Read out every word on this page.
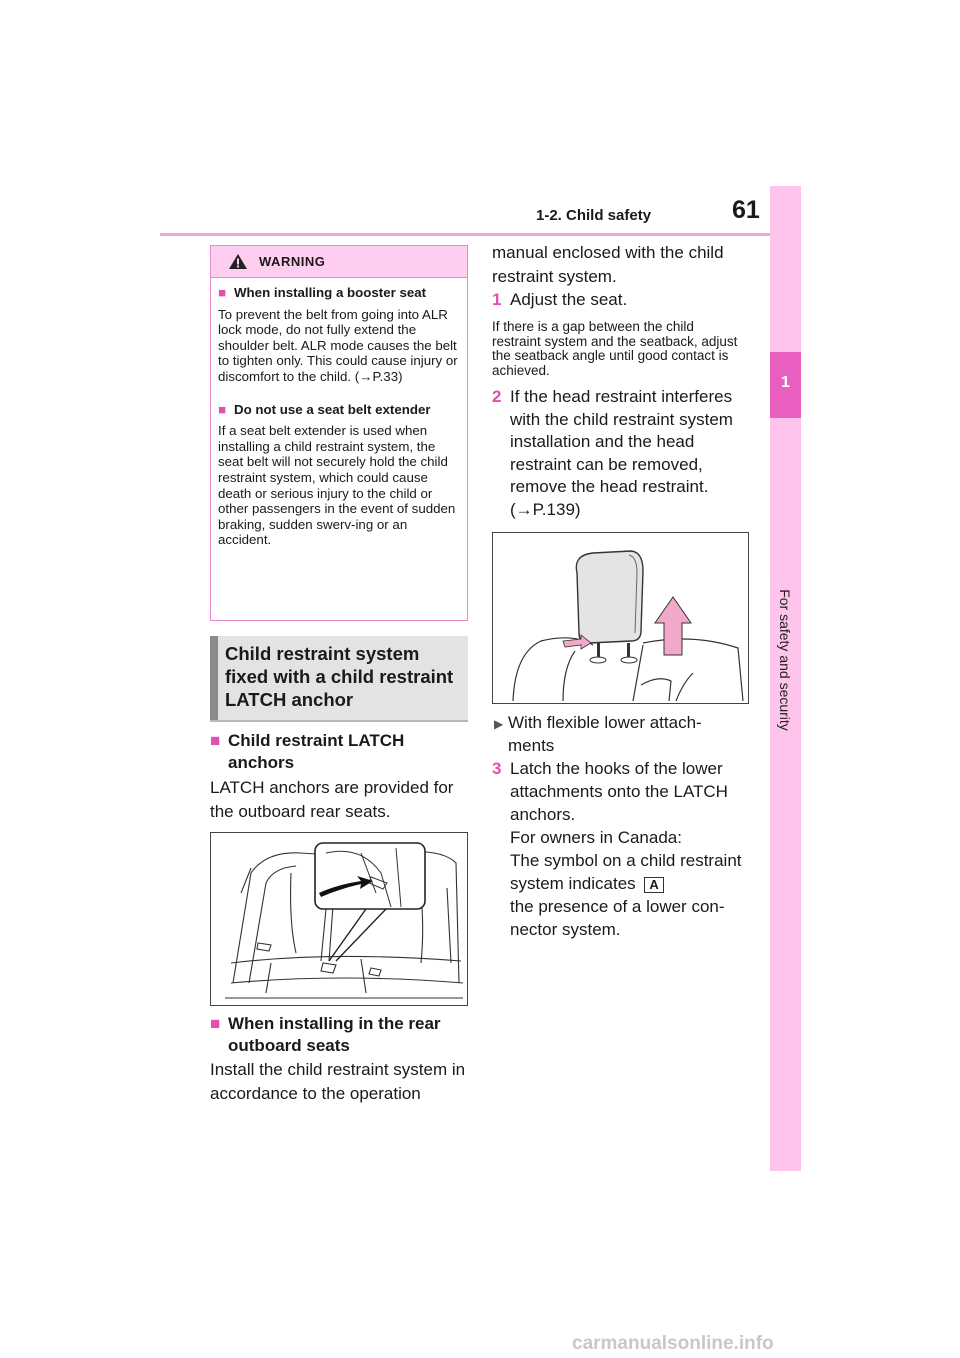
1-2. Child safety	61
1
For safety and security
WARNING
■ When installing a booster seat

To prevent the belt from going into ALR lock mode, do not fully extend the shoulder belt. ALR mode causes the belt to tighten only. This could cause injury or discomfort to the child. (→P.33)

■ Do not use a seat belt extender

If a seat belt extender is used when installing a child restraint system, the seat belt will not securely hold the child restraint system, which could cause death or serious injury to the child or other passengers in the event of sudden braking, sudden swerv-ing or an accident.

Child restraint system fixed with a child restraint LATCH anchor
■ Child restraint LATCH anchors
LATCH anchors are provided for the outboard rear seats.
■ When installing in the rear outboard seats
Install the child restraint system in accordance to the operation
manual enclosed with the child restraint system.
1 Adjust the seat.
If there is a gap between the child restraint system and the seatback, adjust the seatback angle until good contact is achieved.
2 If the head restraint interferes with the child restraint system installation and the head restraint can be removed, remove the head restraint. (→P.139)
▶ With flexible lower attach-ments
3 Latch the hooks of the lower attachments onto the LATCH anchors.
For owners in Canada:
The symbol on a child restraint system indicates A
the presence of a lower con-nector system.
carmanualsonline.info
